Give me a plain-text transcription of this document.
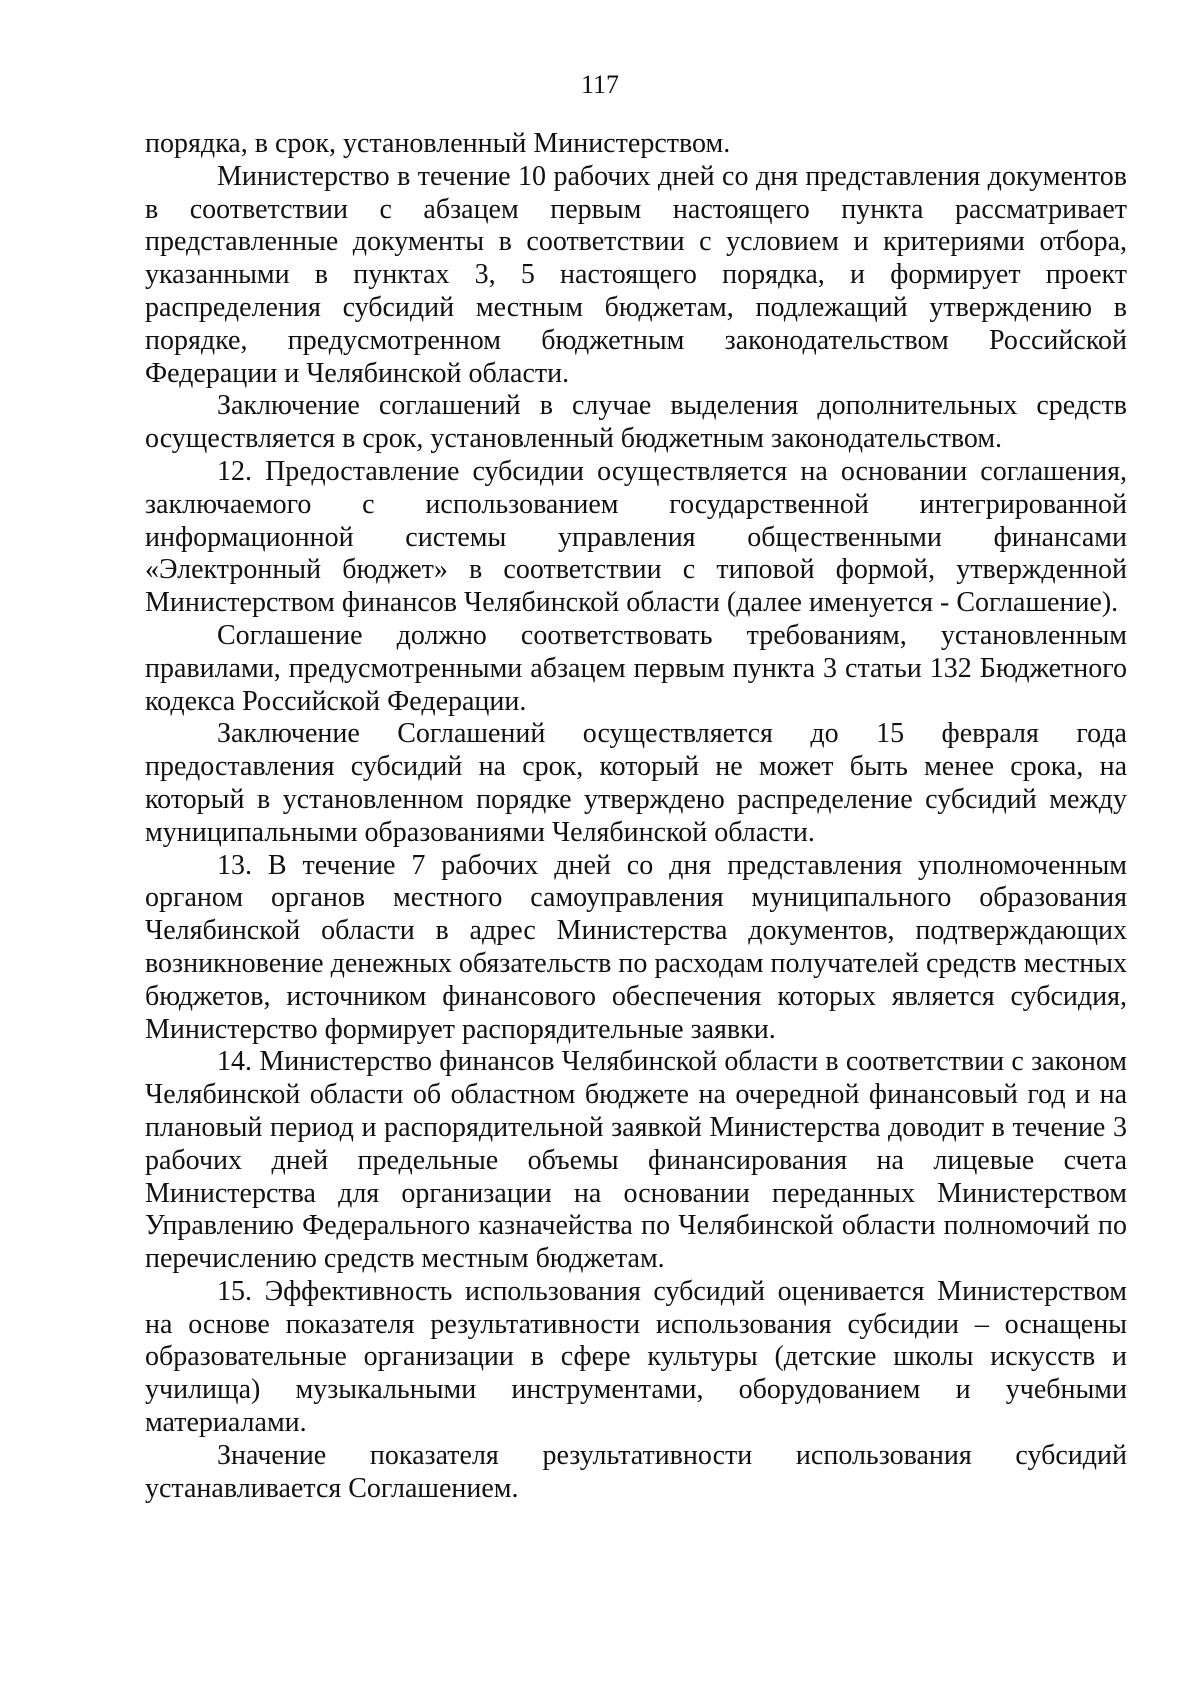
117

порядка, в срок, установленный Министерством.

Министерство в течение 10 рабочих дней со дня представления документов в соответствии с абзацем первым настоящего пункта рассматривает представленные документы в соответствии с условием и критериями отбора, указанными в пунктах 3, 5 настоящего порядка, и формирует проект распределения субсидий местным бюджетам, подлежащий утверждению в порядке, предусмотренном бюджетным законодательством Российской Федерации и Челябинской области.

Заключение соглашений в случае выделения дополнительных средств осуществляется в срок, установленный бюджетным законодательством.

12. Предоставление субсидии осуществляется на основании соглашения, заключаемого с использованием государственной интегрированной информационной системы управления общественными финансами «Электронный бюджет» в соответствии с типовой формой, утвержденной Министерством финансов Челябинской области (далее именуется - Соглашение).

Соглашение должно соответствовать требованиям, установленным правилами, предусмотренными абзацем первым пункта 3 статьи 132 Бюджетного кодекса Российской Федерации.

Заключение Соглашений осуществляется до 15 февраля года предоставления субсидий на срок, который не может быть менее срока, на который в установленном порядке утверждено распределение субсидий между муниципальными образованиями Челябинской области.

13. В течение 7 рабочих дней со дня представления уполномоченным органом органов местного самоуправления муниципального образования Челябинской области в адрес Министерства документов, подтверждающих возникновение денежных обязательств по расходам получателей средств местных бюджетов, источником финансового обеспечения которых является субсидия, Министерство формирует распорядительные заявки.

14. Министерство финансов Челябинской области в соответствии с законом Челябинской области об областном бюджете на очередной финансовый год и на плановый период и распорядительной заявкой Министерства доводит в течение 3 рабочих дней предельные объемы финансирования на лицевые счета Министерства для организации на основании переданных Министерством Управлению Федерального казначейства по Челябинской области полномочий по перечислению средств местным бюджетам.

15. Эффективность использования субсидий оценивается Министерством на основе показателя результативности использования субсидии – оснащены образовательные организации в сфере культуры (детские школы искусств и училища) музыкальными инструментами, оборудованием и учебными материалами.

Значение показателя результативности использования субсидий устанавливается Соглашением.
